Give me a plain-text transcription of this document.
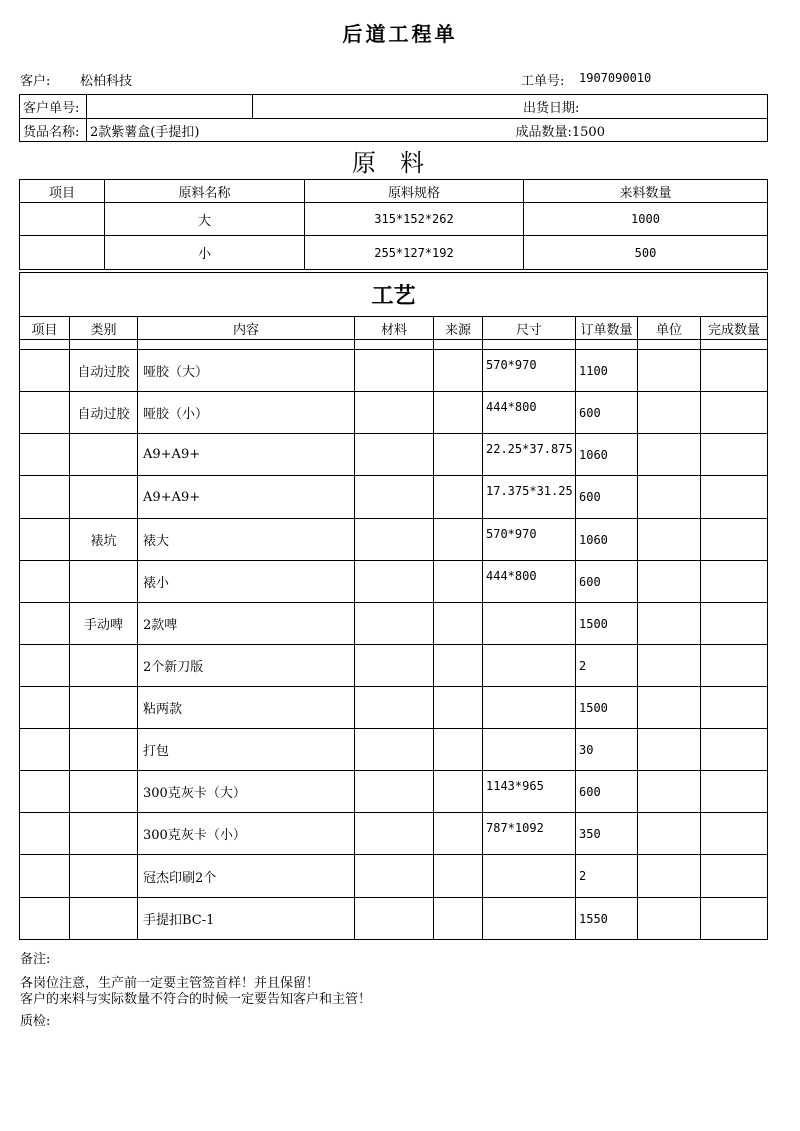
后道工程单
客户: 松柏科技	工单号: 1907090010
客户单号:		出货日期:	
货品名称:	2款紫薯盒(手提扣)		成品数量:1500
原料
项目	原料名称	原料规格	来料数量
	大	315*152*262	1000
	小	255*127*192	500
工艺								
项目	类别	内容	材料	来源	尺寸	订单数量	单位	完成数量

	自动过胶	哑胶（大）			570*970	1100		
	自动过胶	哑胶（小）			444*800	600		
		A9+A9+			22.25*37.875	1060		
		A9+A9+			17.375*31.25	600		
	裱坑	裱大			570*970	1060		
		裱小			444*800	600		
	手动啤	2款啤				1500		
		2个新刀版				2		
		粘两款				1500		
		打包				30		
		300克灰卡（大）			1143*965	600		
		300克灰卡（小）			787*1092	350		
		冠杰印刷2个				2		
		手提扣BC-1				1550		
备注:
各岗位注意，生产前一定要主管签首样！并且保留！
客户的来料与实际数量不符合的时候一定要告知客户和主管！
质检:
